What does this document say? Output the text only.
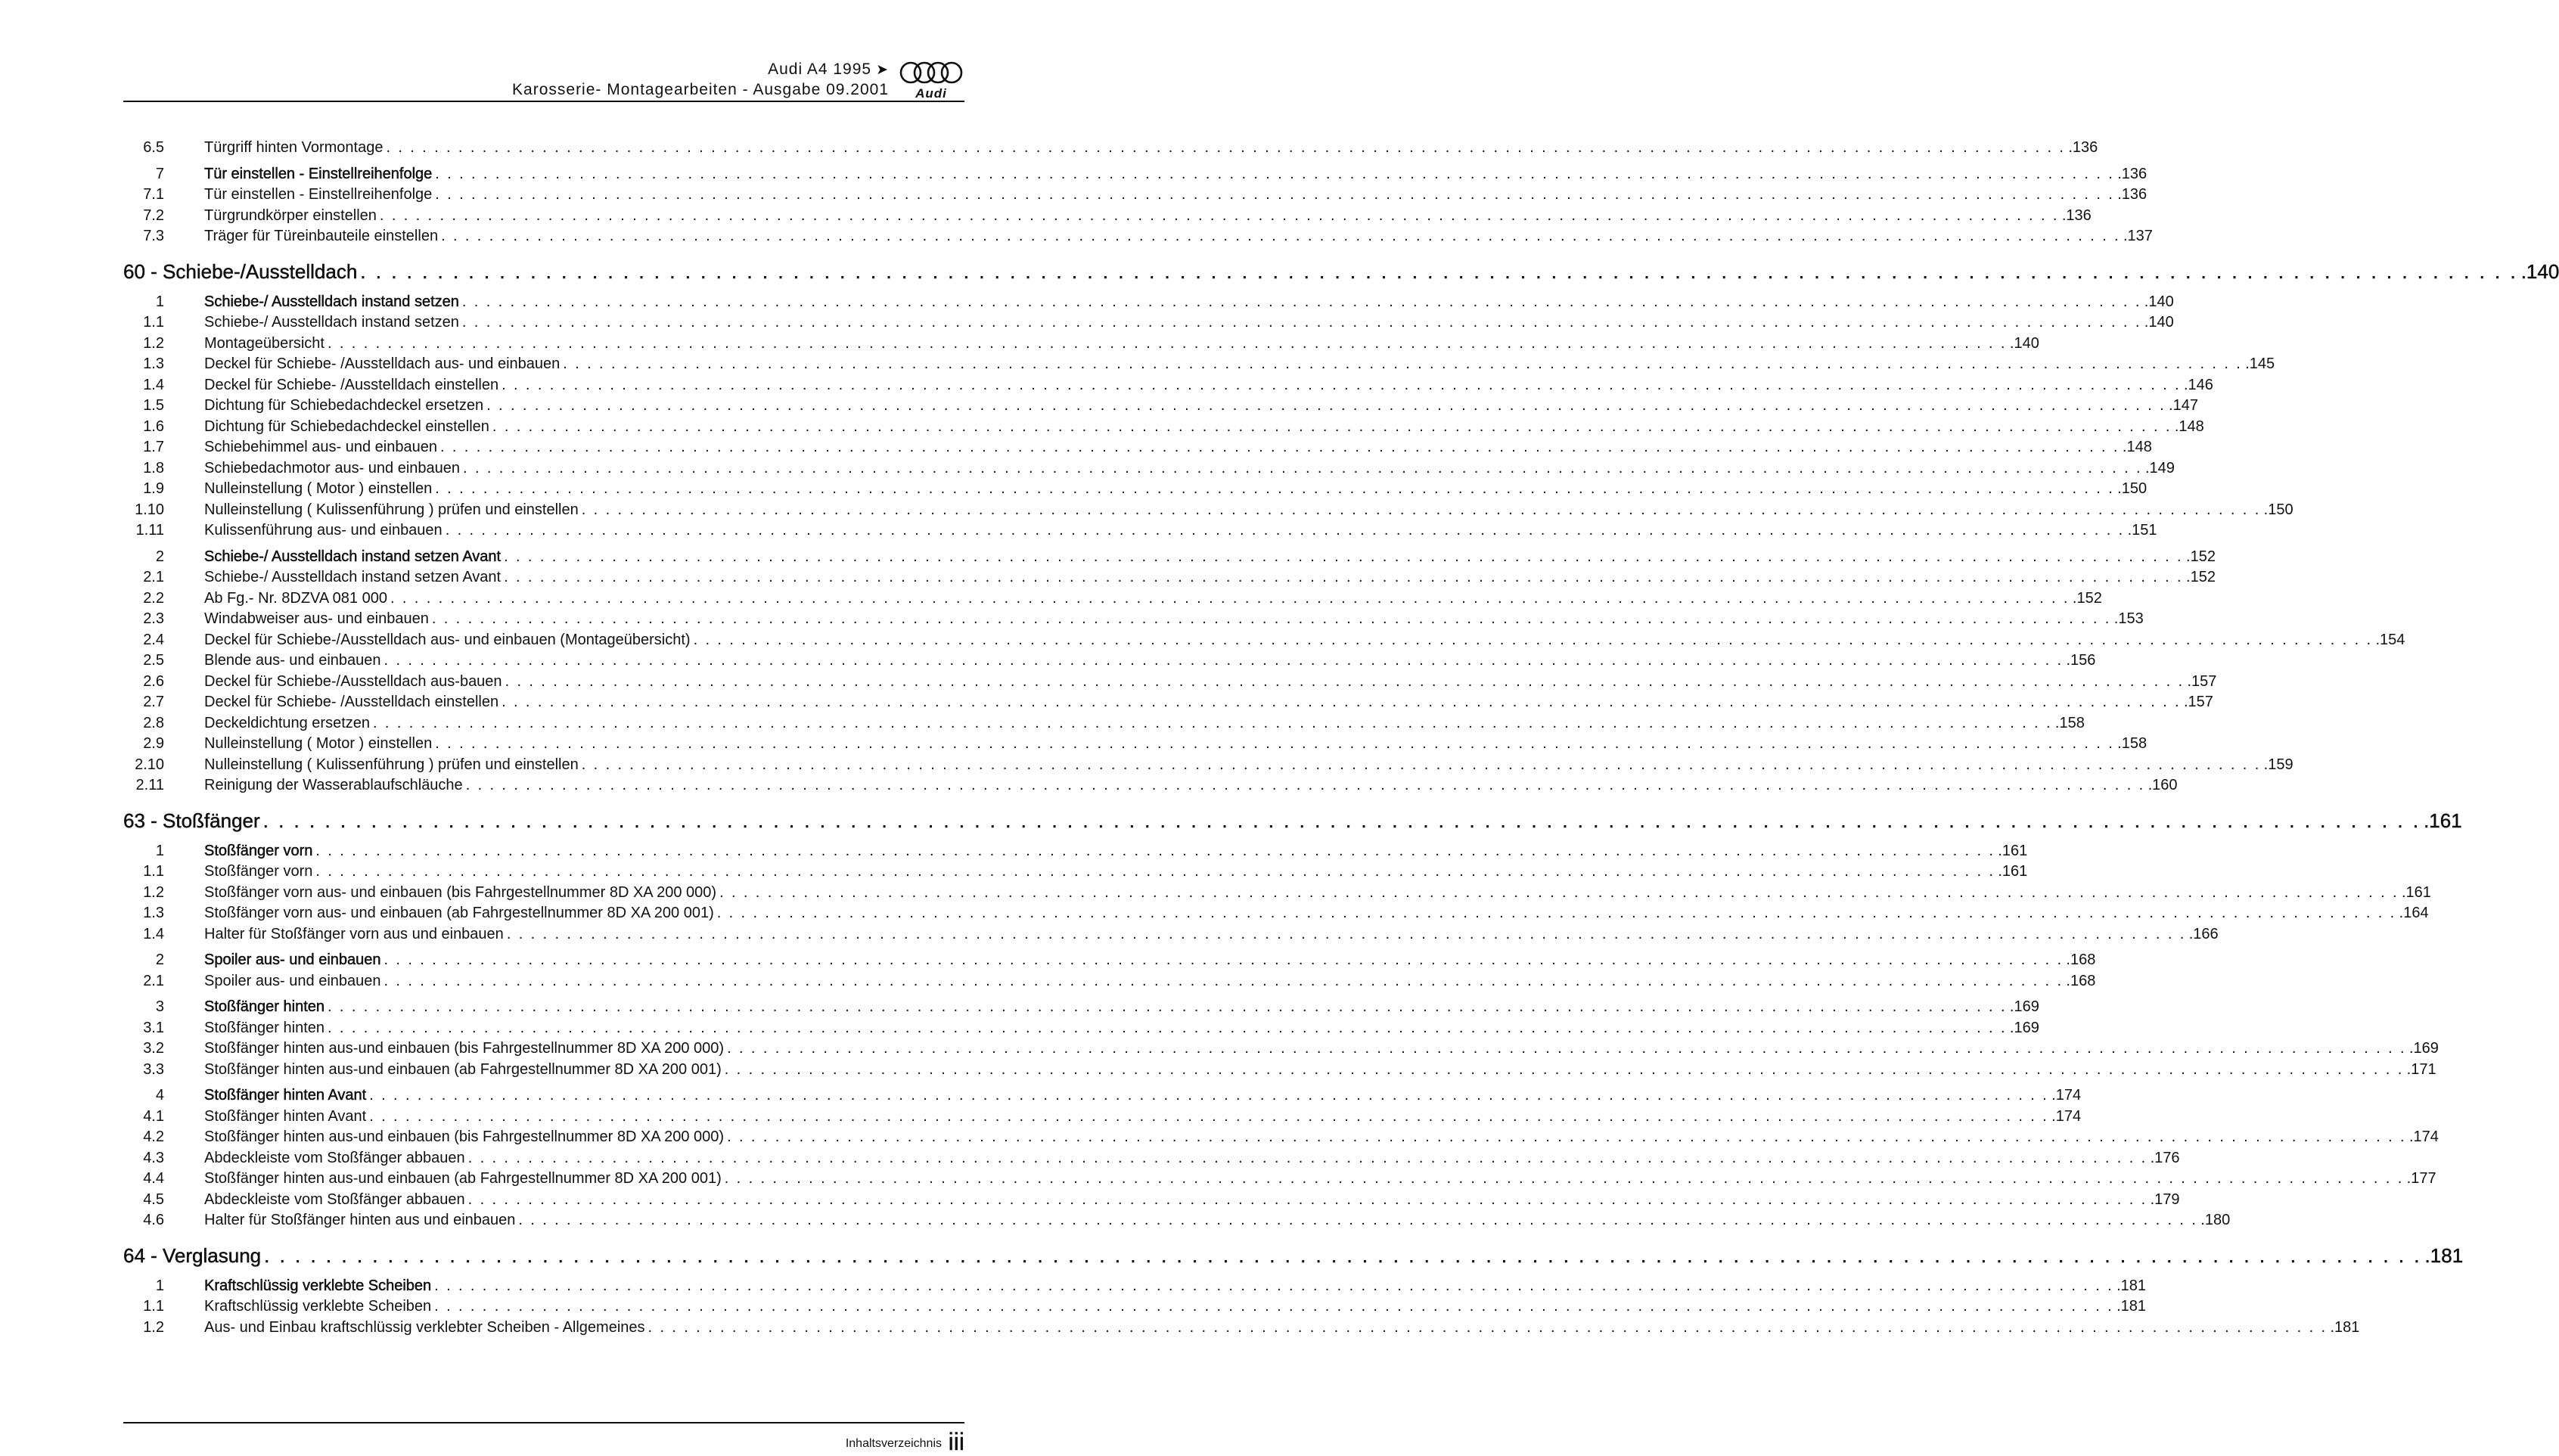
Audi A4 1995 ➤
Karosserie- Montagearbeiten - Ausgabe 09.2001	Audi
6.5	Türgriff hinten Vormontage . . . . . . . . . . . . . . . . . . . . . . . . . . . . . . . . . . . . . . . . . . . . . . . . . . . . . . . . . . . . . . . . . . . . . . . . . . . . . . . . . . . . . . . . . . . . . . . . . . . . . . . . . . . . . . . . . . . . . . . . . . . . . . . . . . . . . . . . . . . . .136
7	Tür einstellen - Einstellreihenfolge . . . . . . . . . . . . . . . . . . . . . . . . . . . . . . . . . . . . . . . . . . . . . . . . . . . . . . . . . . . . . . . . . . . . . . . . . . . . . . . . . . . . . . . . . . . . . . . . . . . . . . . . . . . . . . . . . . . . . . . . . . . . . . . . . . . . . . . . . . . . .136
7.1	Tür einstellen - Einstellreihenfolge . . . . . . . . . . . . . . . . . . . . . . . . . . . . . . . . . . . . . . . . . . . . . . . . . . . . . . . . . . . . . . . . . . . . . . . . . . . . . . . . . . . . . . . . . . . . . . . . . . . . . . . . . . . . . . . . . . . . . . . . . . . . . . . . . . . . . . . . . . . . .136
7.2	Türgrundkörper einstellen . . . . . . . . . . . . . . . . . . . . . . . . . . . . . . . . . . . . . . . . . . . . . . . . . . . . . . . . . . . . . . . . . . . . . . . . . . . . . . . . . . . . . . . . . . . . . . . . . . . . . . . . . . . . . . . . . . . . . . . . . . . . . . . . . . . . . . . . . . . . .136
7.3	Träger für Türeinbauteile einstellen . . . . . . . . . . . . . . . . . . . . . . . . . . . . . . . . . . . . . . . . . . . . . . . . . . . . . . . . . . . . . . . . . . . . . . . . . . . . . . . . . . . . . . . . . . . . . . . . . . . . . . . . . . . . . . . . . . . . . . . . . . . . . . . . . . . . . . . . . . . . .137
60 - Schiebe-/Ausstelldach . . . . . . . . . . . . . . . . . . . . . . . . . . . . . . . . . . . . . . . . . . . . . . . . . . . . . . . . . . . . . . . . . . . . . . . . . . . . . . . . . . . . . . . . . . . . . . . . . . . . . . . . . . . . . . . . . . . . . . . . . . . . . . . . . . . . . . . . . . . . .140
1	Schiebe-/ Ausstelldach instand setzen . . . . . . . . . . . . . . . . . . . . . . . . . . . . . . . . . . . . . . . . . . . . . . . . . . . . . . . . . . . . . . . . . . . . . . . . . . . . . . . . . . . . . . . . . . . . . . . . . . . . . . . . . . . . . . . . . . . . . . . . . . . . . . . . . . . . . . . . . . . . .140
1.1	Schiebe-/ Ausstelldach instand setzen . . . . . . . . . . . . . . . . . . . . . . . . . . . . . . . . . . . . . . . . . . . . . . . . . . . . . . . . . . . . . . . . . . . . . . . . . . . . . . . . . . . . . . . . . . . . . . . . . . . . . . . . . . . . . . . . . . . . . . . . . . . . . . . . . . . . . . . . . . . . .140
1.2	Montageübersicht . . . . . . . . . . . . . . . . . . . . . . . . . . . . . . . . . . . . . . . . . . . . . . . . . . . . . . . . . . . . . . . . . . . . . . . . . . . . . . . . . . . . . . . . . . . . . . . . . . . . . . . . . . . . . . . . . . . . . . . . . . . . . . . . . . . . . . . . . . . . .140
1.3	Deckel für Schiebe- /Ausstelldach aus- und einbauen . . . . . . . . . . . . . . . . . . . . . . . . . . . . . . . . . . . . . . . . . . . . . . . . . . . . . . . . . . . . . . . . . . . . . . . . . . . . . . . . . . . . . . . . . . . . . . . . . . . . . . . . . . . . . . . . . . . . . . . . . . . . . . . . . . . . . . . . . . . . .145
1.4	Deckel für Schiebe- /Ausstelldach einstellen . . . . . . . . . . . . . . . . . . . . . . . . . . . . . . . . . . . . . . . . . . . . . . . . . . . . . . . . . . . . . . . . . . . . . . . . . . . . . . . . . . . . . . . . . . . . . . . . . . . . . . . . . . . . . . . . . . . . . . . . . . . . . . . . . . . . . . . . . . . . .146
1.5	Dichtung für Schiebedachdeckel ersetzen . . . . . . . . . . . . . . . . . . . . . . . . . . . . . . . . . . . . . . . . . . . . . . . . . . . . . . . . . . . . . . . . . . . . . . . . . . . . . . . . . . . . . . . . . . . . . . . . . . . . . . . . . . . . . . . . . . . . . . . . . . . . . . . . . . . . . . . . . . . . .147
1.6	Dichtung für Schiebedachdeckel einstellen . . . . . . . . . . . . . . . . . . . . . . . . . . . . . . . . . . . . . . . . . . . . . . . . . . . . . . . . . . . . . . . . . . . . . . . . . . . . . . . . . . . . . . . . . . . . . . . . . . . . . . . . . . . . . . . . . . . . . . . . . . . . . . . . . . . . . . . . . . . . .148
1.7	Schiebehimmel aus- und einbauen . . . . . . . . . . . . . . . . . . . . . . . . . . . . . . . . . . . . . . . . . . . . . . . . . . . . . . . . . . . . . . . . . . . . . . . . . . . . . . . . . . . . . . . . . . . . . . . . . . . . . . . . . . . . . . . . . . . . . . . . . . . . . . . . . . . . . . . . . . . . .148
1.8	Schiebedachmotor aus- und einbauen . . . . . . . . . . . . . . . . . . . . . . . . . . . . . . . . . . . . . . . . . . . . . . . . . . . . . . . . . . . . . . . . . . . . . . . . . . . . . . . . . . . . . . . . . . . . . . . . . . . . . . . . . . . . . . . . . . . . . . . . . . . . . . . . . . . . . . . . . . . . .149
1.9	Nulleinstellung ( Motor ) einstellen . . . . . . . . . . . . . . . . . . . . . . . . . . . . . . . . . . . . . . . . . . . . . . . . . . . . . . . . . . . . . . . . . . . . . . . . . . . . . . . . . . . . . . . . . . . . . . . . . . . . . . . . . . . . . . . . . . . . . . . . . . . . . . . . . . . . . . . . . . . . .150
1.10	Nulleinstellung ( Kulissenführung ) prüfen und einstellen . . . . . . . . . . . . . . . . . . . . . . . . . . . . . . . . . . . . . . . . . . . . . . . . . . . . . . . . . . . . . . . . . . . . . . . . . . . . . . . . . . . . . . . . . . . . . . . . . . . . . . . . . . . . . . . . . . . . . . . . . . . . . . . . . . . . . . . . . . . . .150
1.11	Kulissenführung aus- und einbauen . . . . . . . . . . . . . . . . . . . . . . . . . . . . . . . . . . . . . . . . . . . . . . . . . . . . . . . . . . . . . . . . . . . . . . . . . . . . . . . . . . . . . . . . . . . . . . . . . . . . . . . . . . . . . . . . . . . . . . . . . . . . . . . . . . . . . . . . . . . . .151
2	Schiebe-/ Ausstelldach instand setzen Avant . . . . . . . . . . . . . . . . . . . . . . . . . . . . . . . . . . . . . . . . . . . . . . . . . . . . . . . . . . . . . . . . . . . . . . . . . . . . . . . . . . . . . . . . . . . . . . . . . . . . . . . . . . . . . . . . . . . . . . . . . . . . . . . . . . . . . . . . . . . . .152
2.1	Schiebe-/ Ausstelldach instand setzen Avant . . . . . . . . . . . . . . . . . . . . . . . . . . . . . . . . . . . . . . . . . . . . . . . . . . . . . . . . . . . . . . . . . . . . . . . . . . . . . . . . . . . . . . . . . . . . . . . . . . . . . . . . . . . . . . . . . . . . . . . . . . . . . . . . . . . . . . . . . . . . .152
2.2	Ab Fg.- Nr. 8DZVA 081 000 . . . . . . . . . . . . . . . . . . . . . . . . . . . . . . . . . . . . . . . . . . . . . . . . . . . . . . . . . . . . . . . . . . . . . . . . . . . . . . . . . . . . . . . . . . . . . . . . . . . . . . . . . . . . . . . . . . . . . . . . . . . . . . . . . . . . . . . . . . . . .152
2.3	Windabweiser aus- und einbauen . . . . . . . . . . . . . . . . . . . . . . . . . . . . . . . . . . . . . . . . . . . . . . . . . . . . . . . . . . . . . . . . . . . . . . . . . . . . . . . . . . . . . . . . . . . . . . . . . . . . . . . . . . . . . . . . . . . . . . . . . . . . . . . . . . . . . . . . . . . . .153
2.4	Deckel für Schiebe-/Ausstelldach aus- und einbauen (Montageübersicht) . . . . . . . . . . . . . . . . . . . . . . . . . . . . . . . . . . . . . . . . . . . . . . . . . . . . . . . . . . . . . . . . . . . . . . . . . . . . . . . . . . . . . . . . . . . . . . . . . . . . . . . . . . . . . . . . . . . . . . . . . . . . . . . . . . . . . . . . . . . . .154
2.5	Blende aus- und einbauen . . . . . . . . . . . . . . . . . . . . . . . . . . . . . . . . . . . . . . . . . . . . . . . . . . . . . . . . . . . . . . . . . . . . . . . . . . . . . . . . . . . . . . . . . . . . . . . . . . . . . . . . . . . . . . . . . . . . . . . . . . . . . . . . . . . . . . . . . . . . .156
2.6	Deckel für Schiebe-/Ausstelldach aus-bauen . . . . . . . . . . . . . . . . . . . . . . . . . . . . . . . . . . . . . . . . . . . . . . . . . . . . . . . . . . . . . . . . . . . . . . . . . . . . . . . . . . . . . . . . . . . . . . . . . . . . . . . . . . . . . . . . . . . . . . . . . . . . . . . . . . . . . . . . . . . . .157
2.7	Deckel für Schiebe- /Ausstelldach einstellen . . . . . . . . . . . . . . . . . . . . . . . . . . . . . . . . . . . . . . . . . . . . . . . . . . . . . . . . . . . . . . . . . . . . . . . . . . . . . . . . . . . . . . . . . . . . . . . . . . . . . . . . . . . . . . . . . . . . . . . . . . . . . . . . . . . . . . . . . . . . .157
2.8	Deckeldichtung ersetzen . . . . . . . . . . . . . . . . . . . . . . . . . . . . . . . . . . . . . . . . . . . . . . . . . . . . . . . . . . . . . . . . . . . . . . . . . . . . . . . . . . . . . . . . . . . . . . . . . . . . . . . . . . . . . . . . . . . . . . . . . . . . . . . . . . . . . . . . . . . . .158
2.9	Nulleinstellung ( Motor ) einstellen . . . . . . . . . . . . . . . . . . . . . . . . . . . . . . . . . . . . . . . . . . . . . . . . . . . . . . . . . . . . . . . . . . . . . . . . . . . . . . . . . . . . . . . . . . . . . . . . . . . . . . . . . . . . . . . . . . . . . . . . . . . . . . . . . . . . . . . . . . . . .158
2.10	Nulleinstellung ( Kulissenführung ) prüfen und einstellen . . . . . . . . . . . . . . . . . . . . . . . . . . . . . . . . . . . . . . . . . . . . . . . . . . . . . . . . . . . . . . . . . . . . . . . . . . . . . . . . . . . . . . . . . . . . . . . . . . . . . . . . . . . . . . . . . . . . . . . . . . . . . . . . . . . . . . . . . . . . .159
2.11	Reinigung der Wasserablaufschläuche . . . . . . . . . . . . . . . . . . . . . . . . . . . . . . . . . . . . . . . . . . . . . . . . . . . . . . . . . . . . . . . . . . . . . . . . . . . . . . . . . . . . . . . . . . . . . . . . . . . . . . . . . . . . . . . . . . . . . . . . . . . . . . . . . . . . . . . . . . . . .160
63 - Stoßfänger . . . . . . . . . . . . . . . . . . . . . . . . . . . . . . . . . . . . . . . . . . . . . . . . . . . . . . . . . . . . . . . . . . . . . . . . . . . . . . . . . . . . . . . . . . . . . . . . . . . . . . . . . . . . . . . . . . . . . . . . . . . . . . . . . . . . . . . . . . . . .161
1	Stoßfänger vorn . . . . . . . . . . . . . . . . . . . . . . . . . . . . . . . . . . . . . . . . . . . . . . . . . . . . . . . . . . . . . . . . . . . . . . . . . . . . . . . . . . . . . . . . . . . . . . . . . . . . . . . . . . . . . . . . . . . . . . . . . . . . . . . . . . . . . . . . . . . . .161
1.1	Stoßfänger vorn . . . . . . . . . . . . . . . . . . . . . . . . . . . . . . . . . . . . . . . . . . . . . . . . . . . . . . . . . . . . . . . . . . . . . . . . . . . . . . . . . . . . . . . . . . . . . . . . . . . . . . . . . . . . . . . . . . . . . . . . . . . . . . . . . . . . . . . . . . . . .161
1.2	Stoßfänger vorn aus- und einbauen (bis Fahrgestellnummer 8D XA 200 000) . . . . . . . . . . . . . . . . . . . . . . . . . . . . . . . . . . . . . . . . . . . . . . . . . . . . . . . . . . . . . . . . . . . . . . . . . . . . . . . . . . . . . . . . . . . . . . . . . . . . . . . . . . . . . . . . . . . . . . . . . . . . . . . . . . . . . . . . . . . . .161
1.3	Stoßfänger vorn aus- und einbauen (ab Fahrgestellnummer 8D XA 200 001) . . . . . . . . . . . . . . . . . . . . . . . . . . . . . . . . . . . . . . . . . . . . . . . . . . . . . . . . . . . . . . . . . . . . . . . . . . . . . . . . . . . . . . . . . . . . . . . . . . . . . . . . . . . . . . . . . . . . . . . . . . . . . . . . . . . . . . . . . . . . .164
1.4	Halter für Stoßfänger vorn aus und einbauen . . . . . . . . . . . . . . . . . . . . . . . . . . . . . . . . . . . . . . . . . . . . . . . . . . . . . . . . . . . . . . . . . . . . . . . . . . . . . . . . . . . . . . . . . . . . . . . . . . . . . . . . . . . . . . . . . . . . . . . . . . . . . . . . . . . . . . . . . . . . .166
2	Spoiler aus- und einbauen . . . . . . . . . . . . . . . . . . . . . . . . . . . . . . . . . . . . . . . . . . . . . . . . . . . . . . . . . . . . . . . . . . . . . . . . . . . . . . . . . . . . . . . . . . . . . . . . . . . . . . . . . . . . . . . . . . . . . . . . . . . . . . . . . . . . . . . . . . . . .168
2.1	Spoiler aus- und einbauen . . . . . . . . . . . . . . . . . . . . . . . . . . . . . . . . . . . . . . . . . . . . . . . . . . . . . . . . . . . . . . . . . . . . . . . . . . . . . . . . . . . . . . . . . . . . . . . . . . . . . . . . . . . . . . . . . . . . . . . . . . . . . . . . . . . . . . . . . . . . .168
3	Stoßfänger hinten . . . . . . . . . . . . . . . . . . . . . . . . . . . . . . . . . . . . . . . . . . . . . . . . . . . . . . . . . . . . . . . . . . . . . . . . . . . . . . . . . . . . . . . . . . . . . . . . . . . . . . . . . . . . . . . . . . . . . . . . . . . . . . . . . . . . . . . . . . . . .169
3.1	Stoßfänger hinten . . . . . . . . . . . . . . . . . . . . . . . . . . . . . . . . . . . . . . . . . . . . . . . . . . . . . . . . . . . . . . . . . . . . . . . . . . . . . . . . . . . . . . . . . . . . . . . . . . . . . . . . . . . . . . . . . . . . . . . . . . . . . . . . . . . . . . . . . . . . .169
3.2	Stoßfänger hinten aus-und einbauen (bis Fahrgestellnummer 8D XA 200 000) . . . . . . . . . . . . . . . . . . . . . . . . . . . . . . . . . . . . . . . . . . . . . . . . . . . . . . . . . . . . . . . . . . . . . . . . . . . . . . . . . . . . . . . . . . . . . . . . . . . . . . . . . . . . . . . . . . . . . . . . . . . . . . . . . . . . . . . . . . . . .169
3.3	Stoßfänger hinten aus-und einbauen (ab Fahrgestellnummer 8D XA 200 001) . . . . . . . . . . . . . . . . . . . . . . . . . . . . . . . . . . . . . . . . . . . . . . . . . . . . . . . . . . . . . . . . . . . . . . . . . . . . . . . . . . . . . . . . . . . . . . . . . . . . . . . . . . . . . . . . . . . . . . . . . . . . . . . . . . . . . . . . . . . . .171
4	Stoßfänger hinten Avant . . . . . . . . . . . . . . . . . . . . . . . . . . . . . . . . . . . . . . . . . . . . . . . . . . . . . . . . . . . . . . . . . . . . . . . . . . . . . . . . . . . . . . . . . . . . . . . . . . . . . . . . . . . . . . . . . . . . . . . . . . . . . . . . . . . . . . . . . . . . .174
4.1	Stoßfänger hinten Avant . . . . . . . . . . . . . . . . . . . . . . . . . . . . . . . . . . . . . . . . . . . . . . . . . . . . . . . . . . . . . . . . . . . . . . . . . . . . . . . . . . . . . . . . . . . . . . . . . . . . . . . . . . . . . . . . . . . . . . . . . . . . . . . . . . . . . . . . . . . . .174
4.2	Stoßfänger hinten aus-und einbauen (bis Fahrgestellnummer 8D XA 200 000) . . . . . . . . . . . . . . . . . . . . . . . . . . . . . . . . . . . . . . . . . . . . . . . . . . . . . . . . . . . . . . . . . . . . . . . . . . . . . . . . . . . . . . . . . . . . . . . . . . . . . . . . . . . . . . . . . . . . . . . . . . . . . . . . . . . . . . . . . . . . .174
4.3	Abdeckleiste vom Stoßfänger abbauen . . . . . . . . . . . . . . . . . . . . . . . . . . . . . . . . . . . . . . . . . . . . . . . . . . . . . . . . . . . . . . . . . . . . . . . . . . . . . . . . . . . . . . . . . . . . . . . . . . . . . . . . . . . . . . . . . . . . . . . . . . . . . . . . . . . . . . . . . . . . .176
4.4	Stoßfänger hinten aus-und einbauen (ab Fahrgestellnummer 8D XA 200 001) . . . . . . . . . . . . . . . . . . . . . . . . . . . . . . . . . . . . . . . . . . . . . . . . . . . . . . . . . . . . . . . . . . . . . . . . . . . . . . . . . . . . . . . . . . . . . . . . . . . . . . . . . . . . . . . . . . . . . . . . . . . . . . . . . . . . . . . . . . . . .177
4.5	Abdeckleiste vom Stoßfänger abbauen . . . . . . . . . . . . . . . . . . . . . . . . . . . . . . . . . . . . . . . . . . . . . . . . . . . . . . . . . . . . . . . . . . . . . . . . . . . . . . . . . . . . . . . . . . . . . . . . . . . . . . . . . . . . . . . . . . . . . . . . . . . . . . . . . . . . . . . . . . . . .179
4.6	Halter für Stoßfänger hinten aus und einbauen . . . . . . . . . . . . . . . . . . . . . . . . . . . . . . . . . . . . . . . . . . . . . . . . . . . . . . . . . . . . . . . . . . . . . . . . . . . . . . . . . . . . . . . . . . . . . . . . . . . . . . . . . . . . . . . . . . . . . . . . . . . . . . . . . . . . . . . . . . . . .180
64 - Verglasung . . . . . . . . . . . . . . . . . . . . . . . . . . . . . . . . . . . . . . . . . . . . . . . . . . . . . . . . . . . . . . . . . . . . . . . . . . . . . . . . . . . . . . . . . . . . . . . . . . . . . . . . . . . . . . . . . . . . . . . . . . . . . . . . . . . . . . . . . . . . .181
1	Kraftschlüssig verklebte Scheiben . . . . . . . . . . . . . . . . . . . . . . . . . . . . . . . . . . . . . . . . . . . . . . . . . . . . . . . . . . . . . . . . . . . . . . . . . . . . . . . . . . . . . . . . . . . . . . . . . . . . . . . . . . . . . . . . . . . . . . . . . . . . . . . . . . . . . . . . . . . . .181
1.1	Kraftschlüssig verklebte Scheiben . . . . . . . . . . . . . . . . . . . . . . . . . . . . . . . . . . . . . . . . . . . . . . . . . . . . . . . . . . . . . . . . . . . . . . . . . . . . . . . . . . . . . . . . . . . . . . . . . . . . . . . . . . . . . . . . . . . . . . . . . . . . . . . . . . . . . . . . . . . . .181
1.2	Aus- und Einbau kraftschlüssig verklebter Scheiben - Allgemeines . . . . . . . . . . . . . . . . . . . . . . . . . . . . . . . . . . . . . . . . . . . . . . . . . . . . . . . . . . . . . . . . . . . . . . . . . . . . . . . . . . . . . . . . . . . . . . . . . . . . . . . . . . . . . . . . . . . . . . . . . . . . . . . . . . . . . . . . . . . . .181
Inhaltsverzeichnis iii
